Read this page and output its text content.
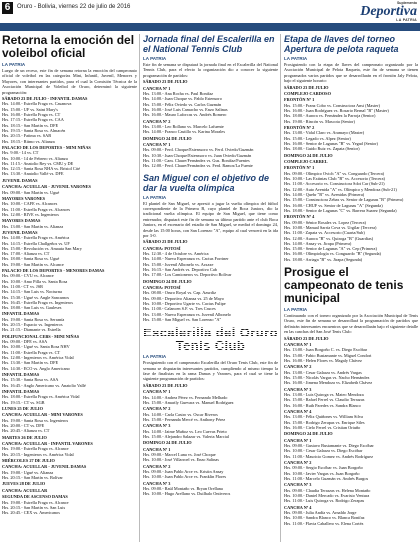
6	Oruro - Bolivia, viernes 22 de julio de 2016
Suplemento
Deportiva
LA PATRIA
Retorna la emoción del voleibol oficial
LA PATRIA
Luego de un receso, este fin de semana retorna la emoción del campeonato oficial de voleibol en las categorías Mini, Infantil, Juvenil, Menores y Mayores, con interesantes partidos, para el cual la Comisión Técnica de la Asociación Municipal de Voleibol de Oruro, determinó la siguiente programación:
SÁBADO 23 DE JULIO - INFANTIL DAMAS
Hrs. 14:00.- Estrella Fraga vs. Casanova
Hrs. 15:00.- UF vs. Saint Mary's
Hrs. 16:00.- Estrella Fraga vs. CT
Hrs. 17:15.- Estrella Fraga vs. CAA
Hrs. 18:15.- San Martín vs. DFE
Hrs. 19:15.- Santa Rosa vs. Almacén
Hrs. 20:15.- Fatima vs. SAB
Hrs. 18:15.- Ritmo vs. Alianza
PALACIO DE LOS DEPORTES - MINI NIÑAS
Hrs. 9:00.- 14 vs. CT
Hrs. 10:00.- 14 de Febrero vs. Alianza
Hrs. 11:15.- Anatolio Rey vs. CMU y DE
Hrs. 12:15.- Santa Rosa NHA vs. Bristol Cité
Hrs. 13:30.- Anatolio Vallé vs. DFE
JUVENIL DAMAS
CANCHA: ACUELLAR - JUVENIL VARONES
Hrs. 09:00.- San Martín vs. Ugué
MAYORES VARONES
Hrs. 10:00.- CAFE vs. Alcances
Hrs. 11:00.- Estrella Fraga vs. Alcances
Hrs. 12:00.- RIVE vs. Ingenieros
MAYORES DAMAS
Hrs. 13:00.- San Martín vs. Alianza
JUVENIL DAMAS
Hrs. 14:00.- Estrella Fraga vs. América
Hrs. 14:15.- Estrella Challgeños vs. UF
Hrs. 15:00.- Revolución vs. Amauta San Mary
Hrs. 17:00.- Alianza vs. CT
Hrs. 18:00.- Santa Rosa vs. Ugué
Hrs. 19:00.- San Martín vs. Alcance
PALACIO DE LOS DEPORTES - MENORES DAMAS
Hrs. 09:00.- CVU vs. Alcance
Hrs. 10:00.- Amo Pilla vs. Santa Rosa
Hrs. 11:00.- CT vs. JSR
Hrs. 14:15.- San Luis vs. Nocturna
Hrs. 15:30.- Ugué vs. Angle Sancarnos
Hrs. 16:45.- Estrella Fraga vs. Ingenieros
Hrs. 18:00.- San Luis vs. Gauleses
INFANTIL DAMAS
Hrs. 19:00.- Santa Rosa vs. Serranía
Hrs. 20:15.- Espacio vs. Ingenieros
Hrs. 21:15.- Diamante vs. Estrella
POLIFUNCIONAL CEBS - MINI NIÑAS
Hrs. 09:00.- DFE vs. ASA
Hrs. 10:00.- Ugué vs. Santa Rosa NHV
Hrs. 11:00.- Estrella Fraga vs. CT
Hrs. 12:00.- Ingenieros vs. América Vidal
Hrs. 13:30.- San Martín vs. DFE
Hrs. 14:30.- ECO vs. Anglo Americano
INFANTIL DAMAS
Hrs. 15:30.- Santa Rosa vs. ASA
Hrs. 16:45.- Anglo Americano vs. Anatolio Vallé
INFANTIL DAMAS
Hrs. 18:00.- Estrella Fraga vs. América Vidal
Hrs. 19:15.- CT vs. SGB
LUNES 25 DE JULIO
CANCHA: ACUELLAR - MINI VARONES
Hrs. 19:00.- Santa Rosa vs. Ingenieros
Hrs. 20:00.- CT vs. DFE
Hrs. 20:45.- Alianza vs. CT
MARTES 26 DE JULIO
CANCHA: ACUELLAR - INFANTIL VARONES
Hrs. 19:00.- Estrella Fraga vs. Alcance
Hrs. 20:15.- Ingenieros vs. América Vidal
MIÉRCOLES 27 DE JULIO
CANCHA: ACUELLAR - JUVENIL DAMAS
Hrs. 19:00.- Ugué vs. Alianza
Hrs. 20:15.- San Martín vs. Bolívar
JUEVES 28 DE JULIO
CANCHA: ACUELLAR
SEGUNDA DE ASCENSO DAMAS
Hrs. 19:00.- Estrella Fraga vs. Alcance
Hrs. 20:15.- San Martín vs. San Luis
Hrs. 20:45.- CEX vs. Americanos
Jornada final del Escalerilla en el National Tennis Club
LA PATRIA
Este fin de semana se disputará la jornada final en el Escalerilla del National Tennis Club, para el efecto la organización dio a conocer la siguiente programación de partidos:
SÁBADO 23 DE JULIO
CANCHA Nº 1
Hrs. 13:00.- Ana Rocha vs. Paul Bonifaz
Hrs. 14:00.- Juan Choque vs. Pablo Estensoro
Hrs. 15:00.- Félix Oviedo vs. Carlos Guzmán
Hrs. 16:00.- José Luis Camacho vs. Enzo Salinas
Hrs. 16:00.- Mauro Laforcas vs. Andrés Romero
CANCHA Nº 2
Hrs. 13:00.- Leo Rollano vs. Marcelo Lafuente
Hrs. 14:00.- Franco Castillo vs. Karina Morales
DOMINGO 24 DE JULIO
CANCHA Nº 1
Hrs. 09:00.- Ferd. Choque/Estenssoro vs. Ferd. Oviedo/Guzmán
Hrs. 10:30.- Juan Choque/Estenssoro vs. Juan Oviedo/Guzmán
Hrs. 11:00.- Cam. Claure/Fernández vs. Gus. Bonifaz/Fuentes
Hrs. 12:00.- Ferd. Claure/Fernández vs. Ferd. Ramos/La Fuente
San Miguel con el objetivo de dar la vuelta olímpica
LA PATRIA
El plantel de San Miguel, se aprestó a jugar la vuelta olímpica del fútbol correspondiente de la Primera B, cuyo plantel de Boca Juniors, dio la tradicional vuelta olímpica. El equipo de San Miguel, que tiene como entrenador, disputará este fin de semana su último partido ante el club Boca Juniors, en el escenario del estadio de San Miguel, se medirá el domingo 24, desde las 15:00 horas, con San Lorenzo "A", equipo al cual vencerá en la ida por 3-0.
SÁBADO 23 DE JULIO
CANCHA: POTOSÍ
Hrs. 12:30.- 4 de Octubre vs. América
Hrs. 14:00.- Nueva Esperanza vs. Cactus Forriner
Hrs. 15:00.- Juvenil Albonelo vs. Arxaxe
Hrs. 16:15.- San Andrés vs. Deportivo Cab
Hrs. 17:00.- Los Camioneros vs. Deportivo Bolívar
DOMINGO 24 DE JULIO
CANCHA: POTOSÍ
Hrs. 08:00.- Oruro Royal vs. Cap. Azurdiz
Hrs. 09:00.- Deportivo Alianza vs. 25 de Mayo
Hrs. 10:00.- Deportivo Ugarte vs. Cactus Fulipe
Hrs. 11:00.- Calancen S.F. vs. Tres Cruces
Hrs. 13:00.- Nueva Esperanza vs. Juvenil Albonelo
Hrs. 15:00.- San Miguel vs. San Lorenzo "A"
Escalerilla del Oruro Tenis Club
LA PATRIA
Prosiguiendo con el campeonato Escalerilla del Oruro Tenis Club, este fin de semana se disputarán interesantes partidos, cumpliendo al mismo tiempo la fase de finalistas en la rama Damas y Varones, para el cual se tiene la siguiente programación de partidos:
SÁBADO 23 DE JULIO
CANCHA Nº 1
Hrs. 14:00.- Andrea Pérez vs. Fernando Melhado
Hrs. 15:00.- Amarily Guevara vs. Manuel Rodríguez
CANCHA Nº 2
Hrs. 14:00.- Carla Castro vs. Oscar Riveros
Hrs. 15:00.- Fernanda Mercé vs. Anthony Pérez
CANCHA Nº 3
Hrs. 14:00.- Jaime Muñoz vs. Leo Cuevas Prieto
Hrs. 15:00.- Alejandro Salazar vs. Valeria Marcial
DOMINGO 24 DE JULIO
CANCHA Nº 1
Hrs. 09:00.- Marcel Luna vs. José Choque
Hrs. 10:00.- José Villarroel vs. Enzo Salinas
CANCHA Nº 2
Hrs. 09:00.- Juan Pablo Arce vs. Kristin Ansay
Hrs. 10:00.- Juan Pablo Arce vs. Franklin Flores
CANCHA Nº 3
Hrs. 09:00.- Raúl Montaño vs. Bryan Orellana
Hrs. 10:00.- Hugo Arellano vs. Duilbalo Ontiveros
Etapa de llaves del torneo Apertura de pelota raqueta
LA PATRIA
Prosiguiendo con la etapa de llaves del campeonato organizado por la Asociación Municipal de Pelota Raqueta, este fin de semana se tienen programados varios partidos que se desarrollarán en el frontón Jaly Pelota, bajo el siguiente horario:
SÁBADO 23 DE JULIO
COMPLEJO CARDOSO
FRONTÓN Nº 1
Hrs. 15:00.- Franz Cobo vs. Constructora Ansi (Master)
Hrs. 16:00.- Juan Rodríguez vs. Rosario Bernal "B" (Master)
Hrs. 18:00.- Aurora vs. Fernández la Parroja (Senior)
Hrs. 19:00.- Rincón vs. Mascota (Senior)
FRONTÓN Nº 2
Hrs. 13:00.- Vidal Claro vs. Aramayo (Master)
Hrs. 15:00.- Legado vs. Alpez (Senior)
Hrs. 16:00.- Senior de Lagunas "B" vs. Yegad (Senior)
Hrs. 18:00.- Guido Ruiz vs. Zapata (Senior)
DOMINGO 24 DE JULIO
COMPLEJO CARREL
FRONTÓN Nº 1
Hrs. 09:00.- Olímpico Ovich "A" vs. Conguardo (Tercera)
Hrs. 10:00.- Las Extintas Club "B" vs. Accesorio (Tercera)
Hrs. 11:00.- Accesorio vs. Constructora Sdot Car (Sub-21)
Hrs. 12:00.- Auto Avenida "A" vs. Olímpico y Mendoza (Sub-21)
Hrs. 14:00.- Quebr "B" vs. Avenidas (Primera)
Hrs. 15:00.- Constructora Zebas vs. Senior de Lagunas "B" (Primera)
Hrs. 16:00.- CHUF vs. Senior de Lagunas "A" (Segunda)
Hrs. 18:00.- Senior de Lagunas "C" vs. Barrera Suarez (Segunda)
FRONTÓN Nº 4
Hrs. 09:00.- Sénior Rosales vs. Lopez (Tercera)
Hrs. 10:00.- Manual Sarría Cova vs. Urgilar (Tercera)
Hrs. 11:00.- Zapata vs. Accesorio (Cuarta/Sub)
Hrs. 12:00.- Aurora "B" vs. Quiroga "B" (Guardias)
Hrs. 14:00.- Ansay vs. Jirapa (Primera)
Hrs. 15:00.- Senior de Lagunas "A" vs. Cep (Primera)
Hrs. 16:00.- Olímpiología vs. Conguardo "B" (Segunda)
Hrs. 18:00.- Arriaga "B" vs. Jirapa (Segunda)
Prosigue el campeonato de tenis municipal
LA PATRIA
Continuando con el torneo organizado por la Asociación Municipal de Tenis Oruro, este fin de semana se desarrollará la programación de partidos que definirán interesantes encuentros que se desarrollarán bajo el siguiente detalle en las canchas del San José Tenis Club:
SÁBADO 23 DE JULIO
CANCHA Nº 1
Hrs. 13:00.- Juan Borgoño C. vs. Diego Escóbar
Hrs. 15:00.- Fabio Bustamante vs. Miguel Condori
Hrs. 16:00.- Helen Flores vs. Magaly Chávez
CANCHA Nº 2
Hrs. 13:00.- Cesar Galarza vs. Andrés Vargas
Hrs. 15:00.- Nicolás Vargas vs. Nacho Hernández
Hrs. 16:00.- Jimena Mendoza vs. Elizabeth Chávez
CANCHA Nº 3
Hrs. 13:00.- Luis Quiroga vs. Mateo Mendoza
Hrs. 15:00.- Rafael Ferrel vs. Claudio Terrazas
Hrs. 16:00.- Ruth Paredes vs. Sandra Blanco
CANCHA Nº 4
Hrs. 13:00.- Félix Quiñones vs. William Silva
Hrs. 15:00.- Rodrigo Zerapas vs. Enrique Siles
Hrs. 16:00.- Cielo Ferrel vs. Cristian Ortuño
DOMINGO 24 DE JULIO
CANCHA Nº 1
Hrs. 09:00.- Gustavo Bustamante vs. Diego Escóbar
Hrs. 10:00.- Cesar Galarza vs. Diego Escóbar
Hrs. 11:00.- Mauricio Gomez vs. Andrés Rodríguez
CANCHA Nº 2
Hrs. 09:00.- Sergio Escóbar vs. Juan Borgoño
Hrs. 10:00.- Javier Vargas vs. Juan Borgoño
Hrs. 11:00.- Marcelo Guzmán vs. Andrés Burgos
CANCHA Nº 3
Hrs. 09:00.- Claudia Terrazas vs. Helena Montaño
Hrs. 10:00.- Daniel Mercado vs. Evaristo Ventura
Hrs. 11:00.- Luis Quiroga vs. Rodrigo Zerapas
CANCHA Nº 4
Hrs. 09:00.- Julia Andía vs. Arnaldo Jorge
Hrs. 10:00.- Sandra Blanco vs. Blanca Bonifaz
Hrs. 11:00.- Flavia Caballero vs. Elena Cortéz
